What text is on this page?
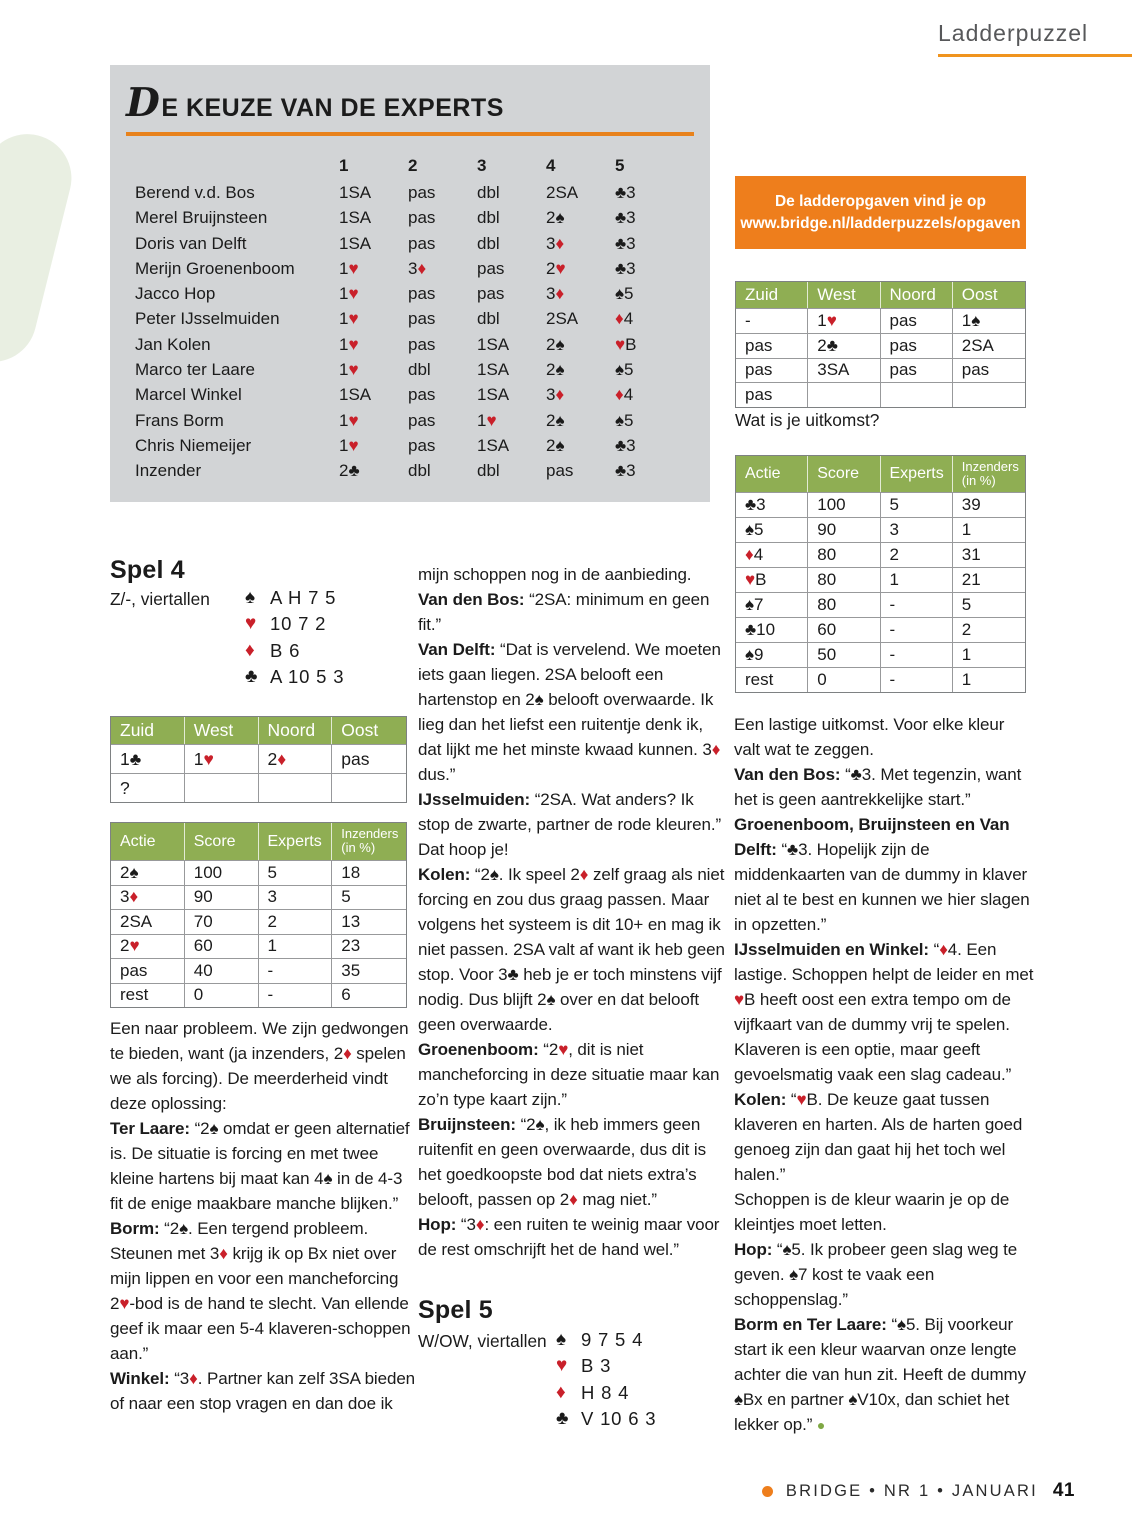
Ladderpuzzel
DE KEUZE VAN DE EXPERTS
1	2	3	4	5
Berend v.d. Bos	1SA	pas	dbl	2SA	♣3
Merel Bruijnsteen	1SA	pas	dbl	2♠	♣3
Doris van Delft	1SA	pas	dbl	3 ♦	♣3
Merijn Groenenboom	1 ♥	3 ♦	pas	2 ♥	♣3
Jacco Hop	1 ♥	pas	pas	3 ♦	♠5
Peter IJsselmuiden	1 ♥	pas	dbl	2SA	♦ 4
Jan Kolen	1 ♥	pas	1SA	2♠	♥ B
Marco ter Laare	1 ♥	dbl	1SA	2♠	♠5
Marcel Winkel	1SA	pas	1SA	3 ♦	♦ 4
Frans Borm	1 ♥	pas	1 ♥	2♠	♠5
Chris Niemeijer	1 ♥	pas	1SA	2♠	♣3
Inzender	2♣	dbl	dbl	pas	♣3
De ladderopgaven vind je op
www.bridge.nl/ladderpuzzels/opgaven
Zuid	West	Noord	Oost
-	1 ♥	pas	1♠
pas	2♣	pas	2SA
pas	3SA	pas	pas
pas
Wat is je uitkomst?
Actie	Score	Experts	Inzenders (in %)
♣3	100	5	39
♠5	90	3	1
♦ 4	80	2	31
♥ B	80	1	21
♠7	80	-	5
♣10	60	-	2
♠9	50	-	1
rest	0	-	1
Spel 4
Z/-, viertallen ♠ A H 7 5
♥ 10 7 2
♦ B 6
♣ A 10 5 3
Zuid	West	Noord	Oost
1♣	1 ♥	2 ♦	pas
?
Actie	Score	Experts	Inzenders (in %)
2♠	100	5	18
3 ♦	90	3	5
2SA	70	2	13
2 ♥	60	1	23
pas	40	-	35
rest	0	-	6

Een naar probleem. We zijn gedwongen te bieden, want (ja inzenders, 2♦ spelen we als forcing). De meerderheid vindt deze oplossing:

Ter Laare: “2♠ omdat er geen alternatief is. De situatie is forcing en met twee kleine hartens bij maat kan 4♠ in de 4-3 fit de enige maakbare manche blijken.”

Borm: “2♠. Een tergend probleem. Steunen met 3♦ krijg ik op Bx niet over mijn lippen en voor een mancheforcing 2♥-bod is de hand te slecht. Van ellende geef ik maar een 5-4 klaveren-schoppen aan.”

Winkel: “3♦. Partner kan zelf 3SA bieden of naar een stop vragen en dan doe ik

mijn schoppen nog in de aanbieding.

Van den Bos: “2SA: minimum en geen fit.”

Van Delft: “Dat is vervelend. We moeten iets gaan liegen. 2SA belooft een hartenstop en 2♠ belooft overwaarde. Ik lieg dan het liefst een ruitentje denk ik, dat lijkt me het minste kwaad kunnen. 3♦ dus.”

IJsselmuiden: “2SA. Wat anders? Ik stop de zwarte, partner de rode kleuren.”

Dat hoop je!

Kolen: “2♠. Ik speel 2♦ zelf graag als niet forcing en zou dus graag passen. Maar volgens het systeem is dit 10+ en mag ik niet passen. 2SA valt af want ik heb geen stop. Voor 3♣ heb je er toch minstens vijf nodig. Dus blijft 2♠ over en dat belooft geen overwaarde.

Groenenboom: “2♥, dit is niet mancheforcing in deze situatie maar kan zo’n type kaart zijn.”

Bruijnsteen: “2♠, ik heb immers geen ruitenfit en geen overwaarde, dus dit is het goedkoopste bod dat niets extra’s belooft, passen op 2♦ mag niet.”

Hop: “3♦: een ruiten te weinig maar voor de rest omschrijft het de hand wel.”

Een lastige uitkomst. Voor elke kleur valt wat te zeggen.

Van den Bos: “♣3. Met tegenzin, want het is geen aantrekkelijke start.”

Groenenboom, Bruijnsteen en Van Delft: “♣3. Hopelijk zijn de middenkaarten van de dummy in klaver niet al te best en kunnen we hier slagen in opzetten.”

IJsselmuiden en Winkel: “♦4. Een lastige. Schoppen helpt de leider en met ♥B heeft oost een extra tempo om de vijfkaart van de dummy vrij te spelen. Klaveren is een optie, maar geeft gevoelsmatig vaak een slag cadeau.”

Kolen: “♥B. De keuze gaat tussen klaveren en harten. Als de harten goed genoeg zijn dan gaat hij het toch wel halen.”

Schoppen is de kleur waarin je op de kleintjes moet letten.

Hop: “♠5. Ik probeer geen slag weg te geven. ♠7 kost te vaak een schoppenslag.”

Borm en Ter Laare: “♠5. Bij voorkeur start ik een kleur waarvan onze lengte achter die van hun zit. Heeft de dummy ♠Bx en partner ♠V10x, dan schiet het lekker op.” ●

Spel 5
W/OW, viertallen ♠ 9 7 5 4
♥ B 3
♦ H 8 4
♣ V 10 6 3
BRIDGE • NR 1 • JANUARI 41
